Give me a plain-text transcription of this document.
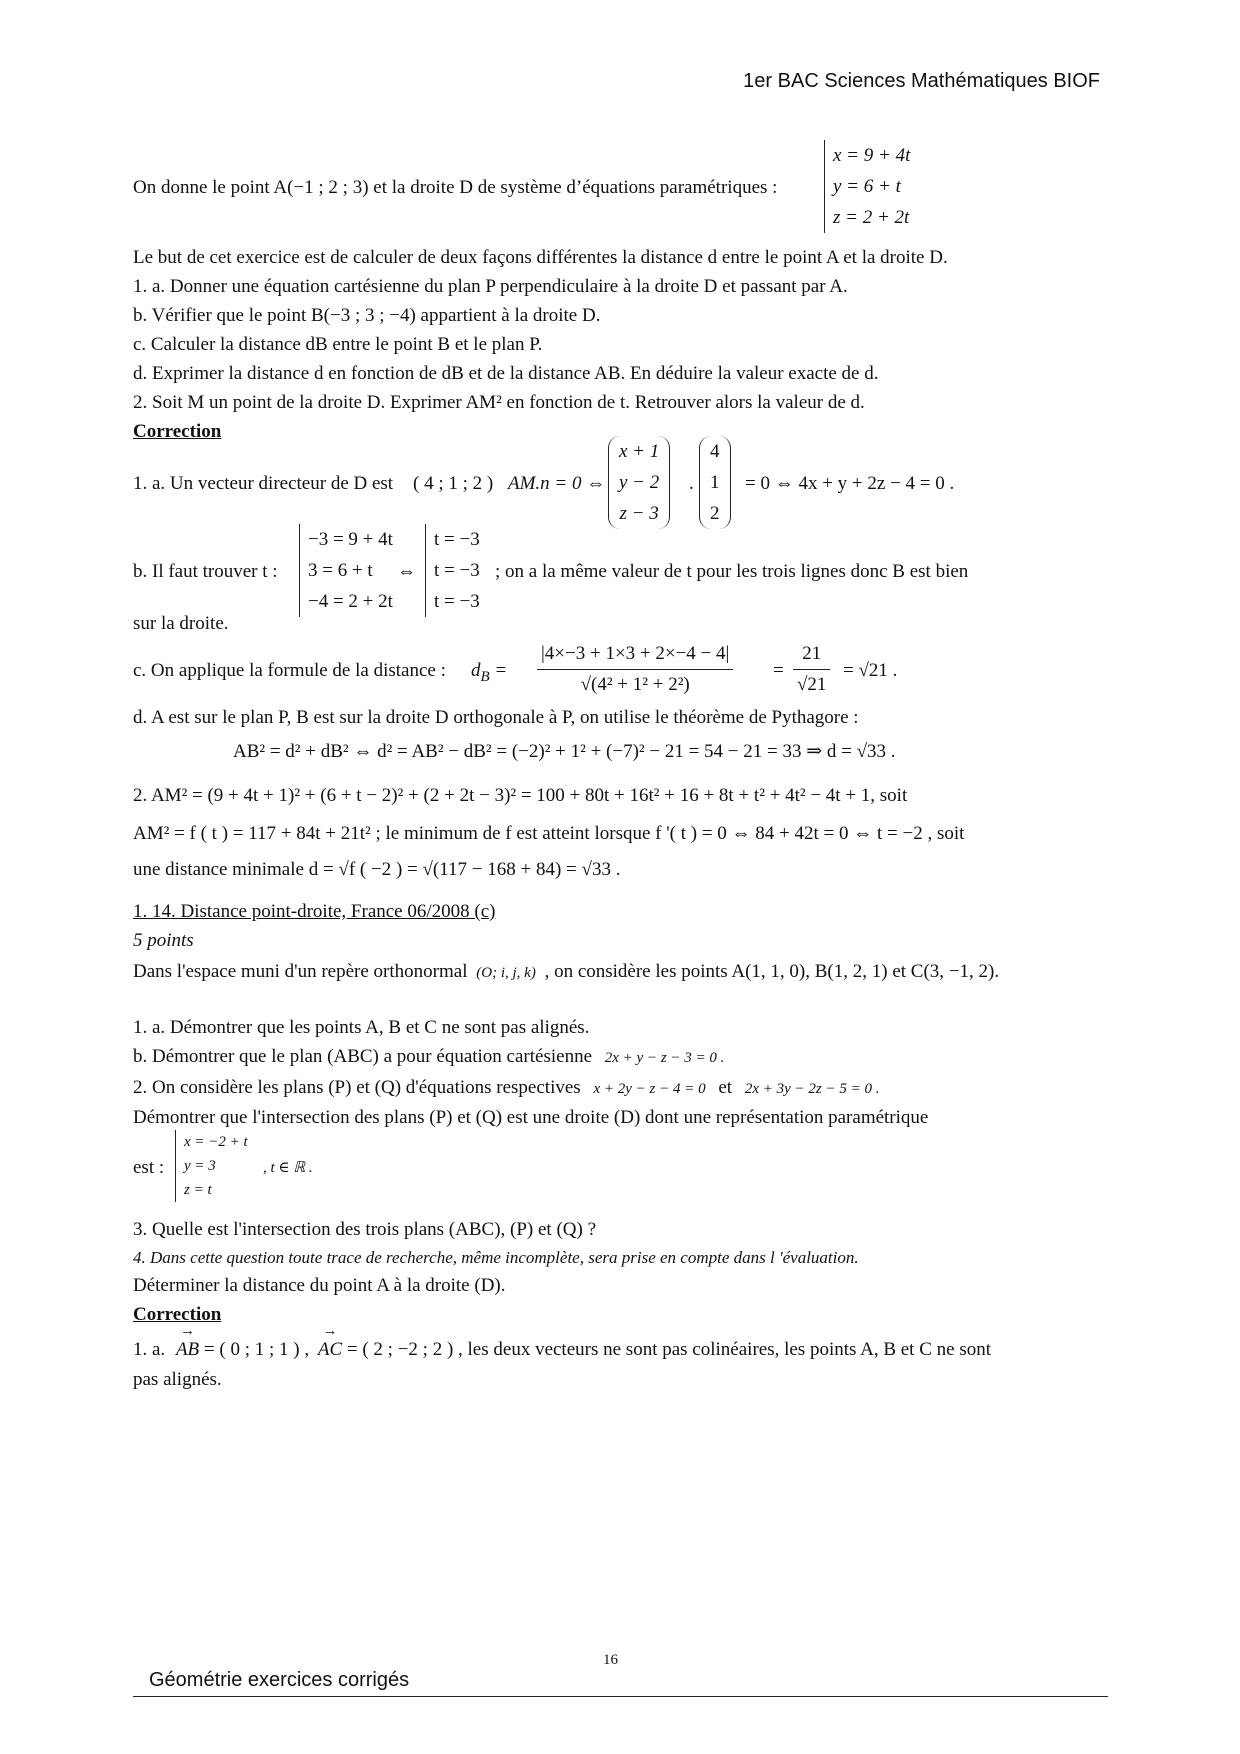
1er BAC Sciences Mathématiques BIOF
On donne le point A(−1 ; 2 ; 3) et la droite D de système d’équations paramétriques :
x = 9 + 4t
y = 6 + t
z = 2 + 2t
Le but de cet exercice est de calculer de deux façons différentes la distance d entre le point A et la droite D.
1. a. Donner une équation cartésienne du plan P perpendiculaire à la droite D et passant par A.
b. Vérifier que le point B(−3 ; 3 ; −4) appartient à la droite D.
c. Calculer la distance dB entre le point B et le plan P.
d. Exprimer la distance d en fonction de dB et de la distance AB. En déduire la valeur exacte de d.
2. Soit M un point de la droite D. Exprimer AM² en fonction de t. Retrouver alors la valeur de d.
Correction
1. a. Un vecteur directeur de D est ( 4 ; 1 ; 2 ) AM.n = 0 ⇔
x + 1
y − 2
z − 3
.
4
1
2
= 0 ⇔ 4x + y + 2z − 4 = 0 .
b. Il faut trouver t :
−3 = 9 + 4t
3 = 6 + t
−4 = 2 + 2t
⇔
t = −3
t = −3
t = −3
; on a la même valeur de t pour les trois lignes donc B est bien
sur la droite.
c. On applique la formule de la distance : $d_B = \frac{|4\times-3 + 1\times 3 + 2\times-4 - 4|}{\text{√(4² + 1² + 2²)}} = \frac{21}{√21} = √21$ .
d. A est sur le plan P, B est sur la droite D orthogonale à P, on utilise le théorème de Pythagore :
AB² = d² + dB² ⇔ d² = AB² − dB² = (−2)² + 1² + (−7)² − 21 = 54 − 21 = 33 ⇒ d = √33 .
2. AM² = (9 + 4t + 1)² + (6 + t − 2)² + (2 + 2t − 3)² = 100 + 80t + 16t² + 16 + 8t + t² + 4t² − 4t + 1, soit
AM² = f ( t ) = 117 + 84t + 21t² ; le minimum de f est atteint lorsque f '( t ) = 0 ⇔ 84 + 42t = 0 ⇔ t = −2 , soit
une distance minimale d = √f ( −2 ) = √(117 − 168 + 84) = √33 .
1. 14. Distance point-droite, France 06/2008 (c)
5 points
Dans l'espace muni d'un repère orthonormal (O; i, j, k) , on considère les points A(1, 1, 0), B(1, 2, 1) et C(3, −1, 2).
1. a. Démontrer que les points A, B et C ne sont pas alignés.
b. Démontrer que le plan (ABC) a pour équation cartésienne 2x + y − z − 3 = 0 .
2. On considère les plans (P) et (Q) d'équations respectives x + 2y − z − 4 = 0 et 2x + 3y − 2z − 5 = 0 .
Démontrer que l'intersection des plans (P) et (Q) est une droite (D) dont une représentation paramétrique
est :
x = −2 + t
y = 3
z = t
, t ∈ ℝ .
3. Quelle est l'intersection des trois plans (ABC), (P) et (Q) ?
4. Dans cette question toute trace de recherche, même incomplète, sera prise en compte dans l 'évaluation.
Déterminer la distance du point A à la droite (D).
Correction
1. a. → AB = ( 0 ; 1 ; 1 ) , → AC = ( 2 ; −2 ; 2 ) , les deux vecteurs ne sont pas colinéaires, les points A, B et C ne sont
pas alignés.
16
Géométrie exercices corrigés
